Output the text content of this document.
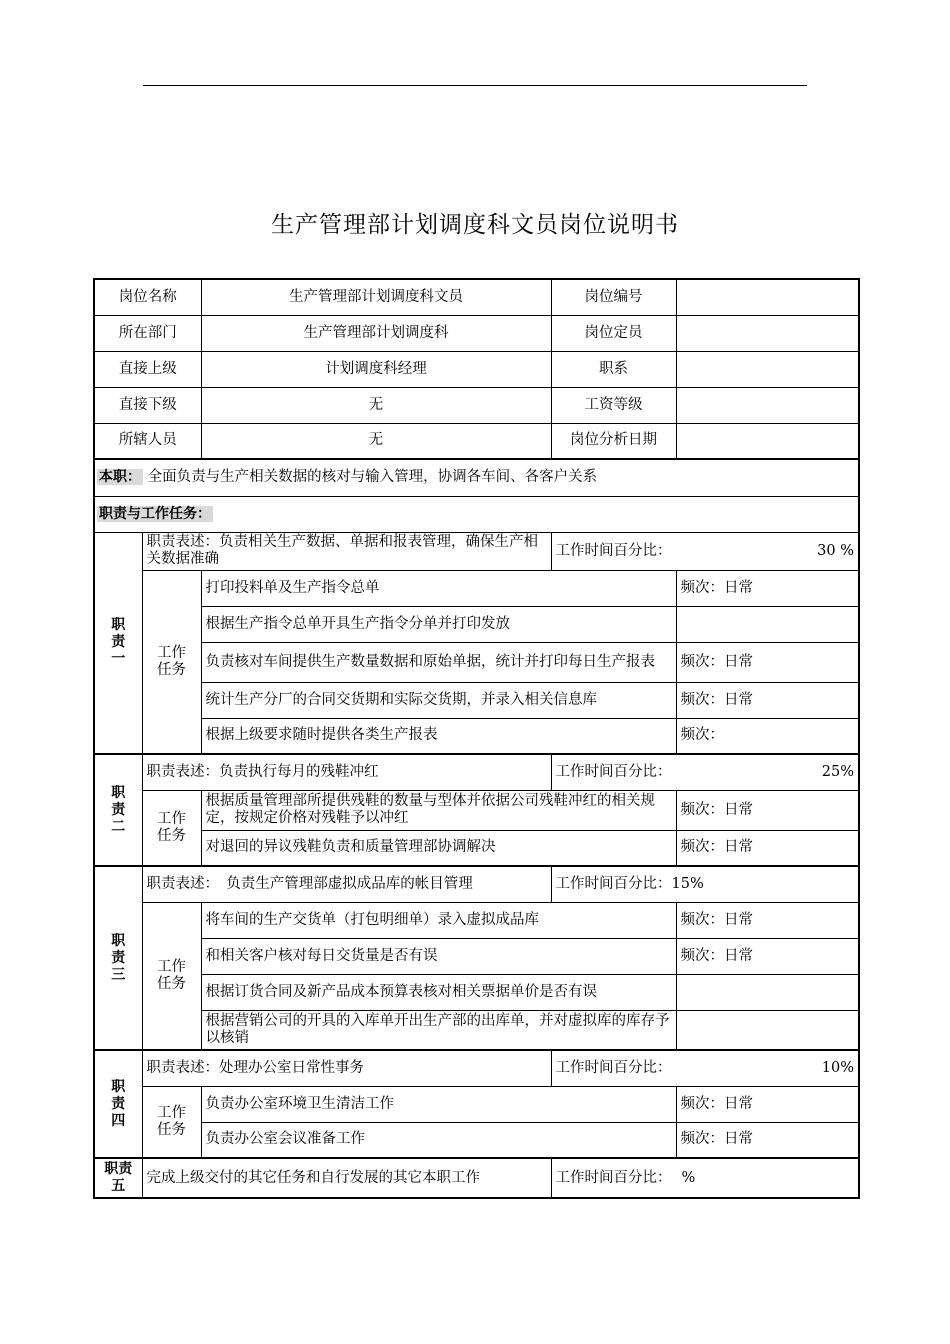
生产管理部计划调度科文员岗位说明书
岗位名称		生产管理部计划调度科文员	岗位编号	
所在部门		生产管理部计划调度科	岗位定员	
直接上级		计划调度科经理	职系	
直接下级		无	工资等级	
所辖人员		无	岗位分析日期	
本职： 全面负责与生产相关数据的核对与输入管理，协调各车间、各客户关系				
职责与工作任务：				

职
责
一	职责表述：负责相关生产数据、单据和报表管理，确保生产相关数据准确		工作时间百分比： 30 %	

	工作
任务	打印投料单及生产指令总单		频次：日常
		根据生产指令总单开具生产指令分单并打印发放		
		负责核对车间提供生产数量数据和原始单据，统计并打印每日生产报表		频次：日常
		统计生产分厂的合同交货期和实际交货期，并录入相关信息库		频次：日常
		根据上级要求随时提供各类生产报表		频次：

职
责
二	职责表述：负责执行每月的残鞋冲红		工作时间百分比： 25%	

	工作
任务	根据质量管理部所提供残鞋的数量与型体并依据公司残鞋冲红的相关规定，按规定价格对残鞋予以冲红		频次：日常
		对退回的异议残鞋负责和质量管理部协调解决		频次：日常

职
责
三	职责表述：　负责生产管理部虚拟成品库的帐目管理		工作时间百分比：15%	

	工作
任务	将车间的生产交货单（打包明细单）录入虚拟成品库		频次：日常
		和相关客户核对每日交货量是否有误		频次：日常
		根据订货合同及新产品成本预算表核对相关票据单价是否有误		
		根据营销公司的开具的入库单开出生产部的出库单，并对虚拟库的库存予以核销		

职
责
四	职责表述：处理办公室日常性事务		工作时间百分比： 10%	

	工作
任务	负责办公室环境卫生清洁工作		频次：日常
		负责办公室会议准备工作		频次：日常

职责
五	完成上级交付的其它任务和自行发展的其它本职工作		工作时间百分比： %	
